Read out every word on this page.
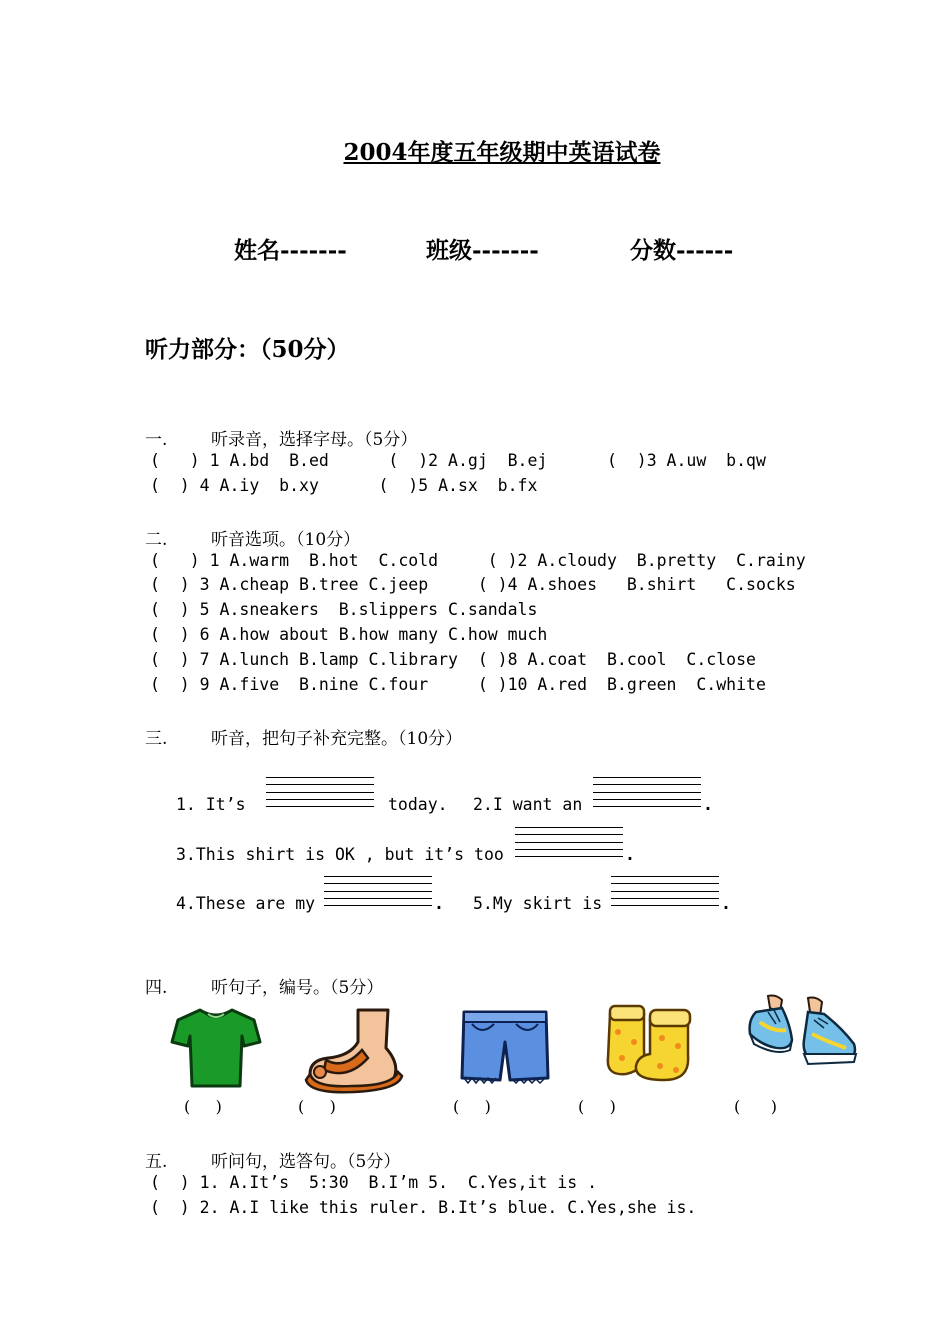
2004年度五年级期中英语试卷
姓名-------	班级-------	分数------
听力部分：（50分）
一.	听录音，选择字母。（5分）
(   ) 1 A.bd  B.ed      (  )2 A.gj  B.ej      (  )3 A.uw  b.qw
(  ) 4 A.iy  b.xy      (  )5 A.sx  b.fx
二.	听音选项。（10分）
(   ) 1 A.warm  B.hot  C.cold     ( )2 A.cloudy  B.pretty  C.rainy
(  ) 3 A.cheap B.tree C.jeep     ( )4 A.shoes   B.shirt   C.socks
(  ) 5 A.sneakers  B.slippers C.sandals
(  ) 6 A.how about B.how many C.how much
(  ) 7 A.lunch B.lamp C.library  ( )8 A.coat  B.cool  C.close
(  ) 9 A.five  B.nine C.four     ( )10 A.red  B.green  C.white
三.	听音，把句子补充完整。（10分）
1. It’s	today. 2.I want an	.
3.This shirt is OK , but it’s too	.
4.These are my	. 5.My skirt is	.
四.	听句子，编号。（5分）
(     )	(     )	(     )	(     )	(      )
五.	听问句，选答句。（5分）
(  ) 1. A.It’s  5:30  B.I’m 5.  C.Yes,it is .
(  ) 2. A.I like this ruler. B.It’s blue. C.Yes,she is.
